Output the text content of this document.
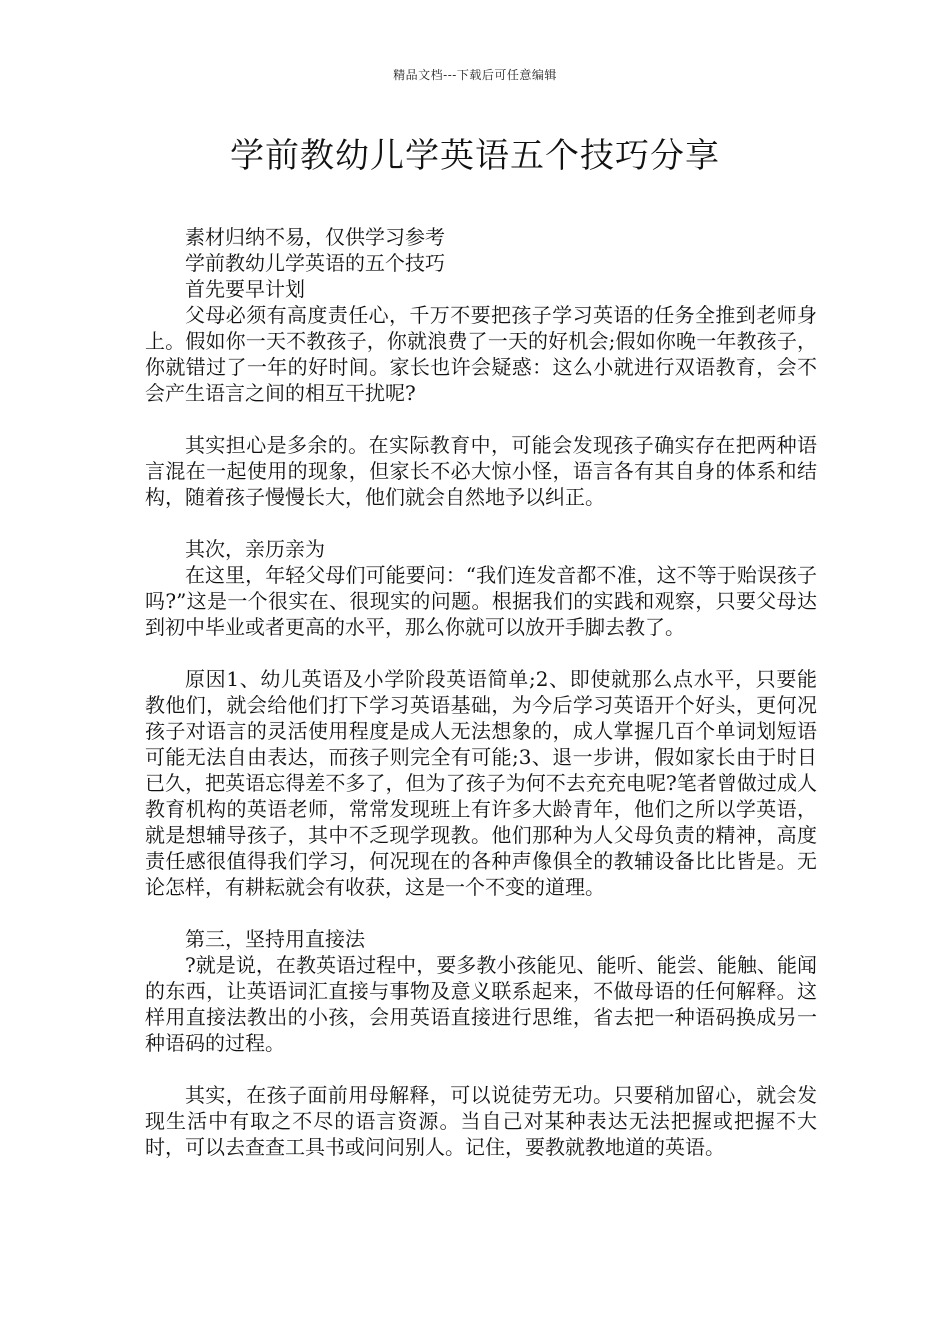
精品文档---下载后可任意编辑
学前教幼儿学英语五个技巧分享

素材归纳不易，仅供学习参考

学前教幼儿学英语的五个技巧

首先要早计划

父母必须有高度责任心，千万不要把孩子学习英语的任务全推到老师身上。假如你一天不教孩子，你就浪费了一天的好机会;假如你晚一年教孩子，你就错过了一年的好时间。家长也许会疑惑：这么小就进行双语教育，会不会产生语言之间的相互干扰呢?

其实担心是多余的。在实际教育中，可能会发现孩子确实存在把两种语言混在一起使用的现象，但家长不必大惊小怪，语言各有其自身的体系和结构，随着孩子慢慢长大，他们就会自然地予以纠正。

其次，亲历亲为

在这里，年轻父母们可能要问：“我们连发音都不准，这不等于贻误孩子吗?”这是一个很实在、很现实的问题。根据我们的实践和观察，只要父母达到初中毕业或者更高的水平，那么你就可以放开手脚去教了。

原因1、幼儿英语及小学阶段英语简单;2、即使就那么点水平，只要能教他们，就会给他们打下学习英语基础，为今后学习英语开个好头，更何况孩子对语言的灵活使用程度是成人无法想象的，成人掌握几百个单词划短语可能无法自由表达，而孩子则完全有可能;3、退一步讲，假如家长由于时日已久，把英语忘得差不多了，但为了孩子为何不去充充电呢?笔者曾做过成人教育机构的英语老师，常常发现班上有许多大龄青年，他们之所以学英语，就是想辅导孩子，其中不乏现学现教。他们那种为人父母负责的精神，高度责任感很值得我们学习，何况现在的各种声像俱全的教辅设备比比皆是。无论怎样，有耕耘就会有收获，这是一个不变的道理。

第三，坚持用直接法

?就是说，在教英语过程中，要多教小孩能见、能听、能尝、能触、能闻的东西，让英语词汇直接与事物及意义联系起来，不做母语的任何解释。这样用直接法教出的小孩，会用英语直接进行思维，省去把一种语码换成另一种语码的过程。

其实，在孩子面前用母解释，可以说徒劳无功。只要稍加留心，就会发现生活中有取之不尽的语言资源。当自己对某种表达无法把握或把握不大时，可以去查查工具书或问问别人。记住，要教就教地道的英语。
